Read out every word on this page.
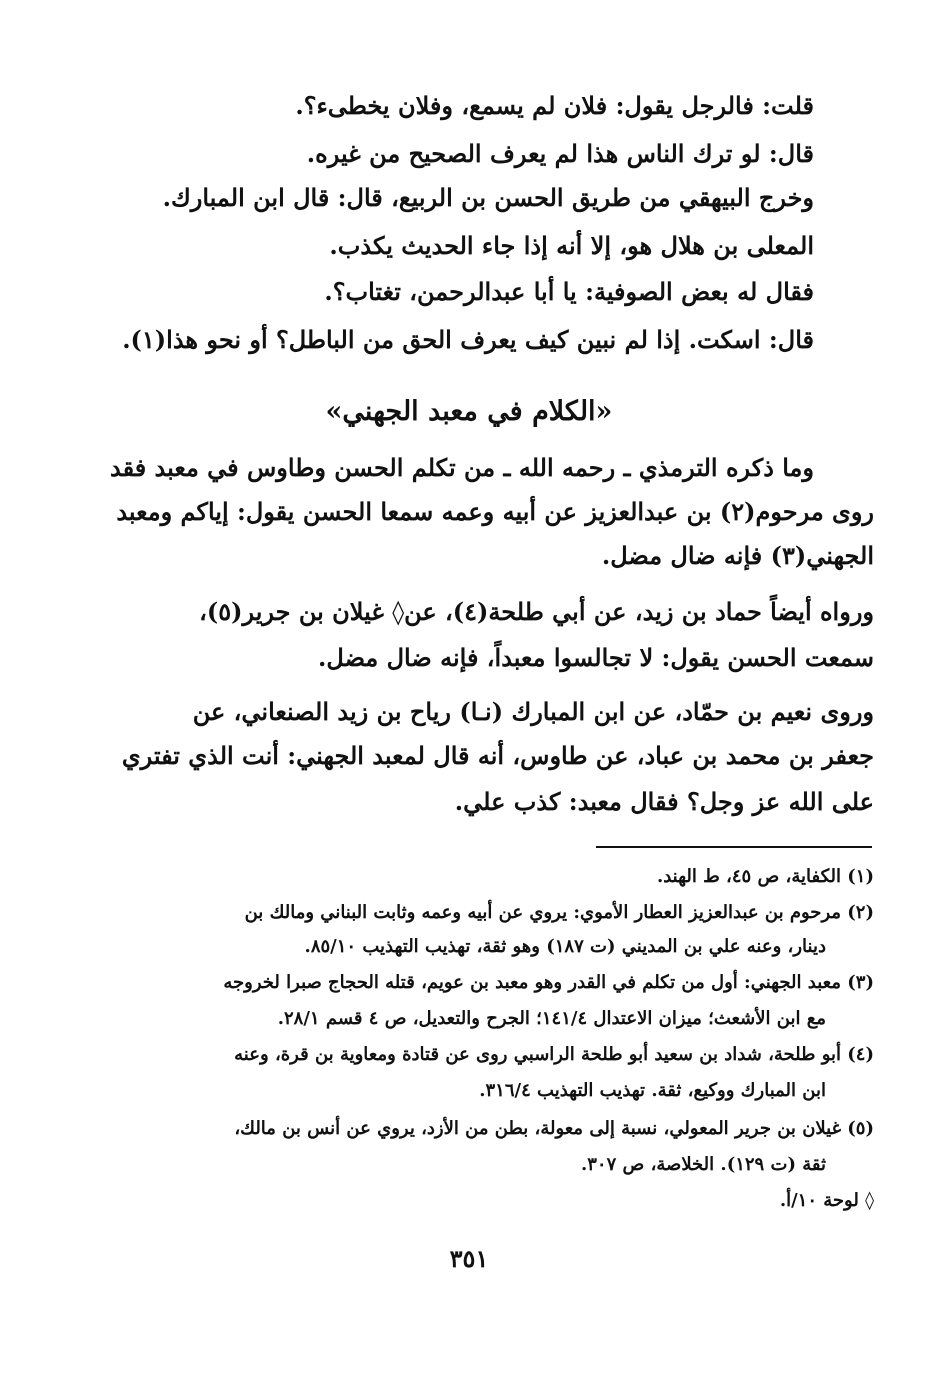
قلت: فالرجل يقول: فلان لم يسمع، وفلان يخطىء؟.
قال: لو ترك الناس هذا لم يعرف الصحيح من غيره.
وخرج البيهقي من طريق الحسن بن الربيع، قال: قال ابن المبارك.
المعلى بن هلال هو، إلا أنه إذا جاء الحديث يكذب.
فقال له بعض الصوفية: يا أبا عبدالرحمن، تغتاب؟.
قال: اسكت. إذا لم نبين كيف يعرف الحق من الباطل؟ أو نحو هذا(١).
«الكلام في معبد الجهني»
وما ذكره الترمذي ـ رحمه الله ـ من تكلم الحسن وطاوس في معبد فقد
روى مرحوم(٢) بن عبدالعزيز عن أبيه وعمه سمعا الحسن يقول: إياكم ومعبد
الجهني(٣) فإنه ضال مضل.
ورواه أيضاً حماد بن زيد، عن أبي طلحة(٤)، عن◊ غيلان بن جرير(٥)،
سمعت الحسن يقول: لا تجالسوا معبداً، فإنه ضال مضل.
وروى نعيم بن حمّاد، عن ابن المبارك (نـا) رياح بن زيد الصنعاني، عن
جعفر بن محمد بن عباد، عن طاوس، أنه قال لمعبد الجهني: أنت الذي تفتري
على الله عز وجل؟ فقال معبد: كذب علي.
(١) الكفاية، ص ٤٥، ط الهند.
(٢) مرحوم بن عبدالعزيز العطار الأموي: يروي عن أبيه وعمه وثابت البناني ومالك بن
دينار، وعنه علي بن المديني (ت ١٨٧) وهو ثقة، تهذيب التهذيب ٨٥/١٠.
(٣) معبد الجهني: أول من تكلم في القدر وهو معبد بن عويم، قتله الحجاج صبرا لخروجه
مع ابن الأشعث؛ ميزان الاعتدال ١٤١/٤؛ الجرح والتعديل، ص ٤ قسم ٢٨/١.
(٤) أبو طلحة، شداد بن سعيد أبو طلحة الراسبي روى عن قتادة ومعاوية بن قرة، وعنه
ابن المبارك ووكيع، ثقة. تهذيب التهذيب ٣١٦/٤.
(٥) غيلان بن جرير المعولي، نسبة إلى معولة، بطن من الأزد، يروي عن أنس بن مالك،
ثقة (ت ١٢٩). الخلاصة، ص ٣٠٧.
◊ لوحة ١٠/أ.
٣٥١
